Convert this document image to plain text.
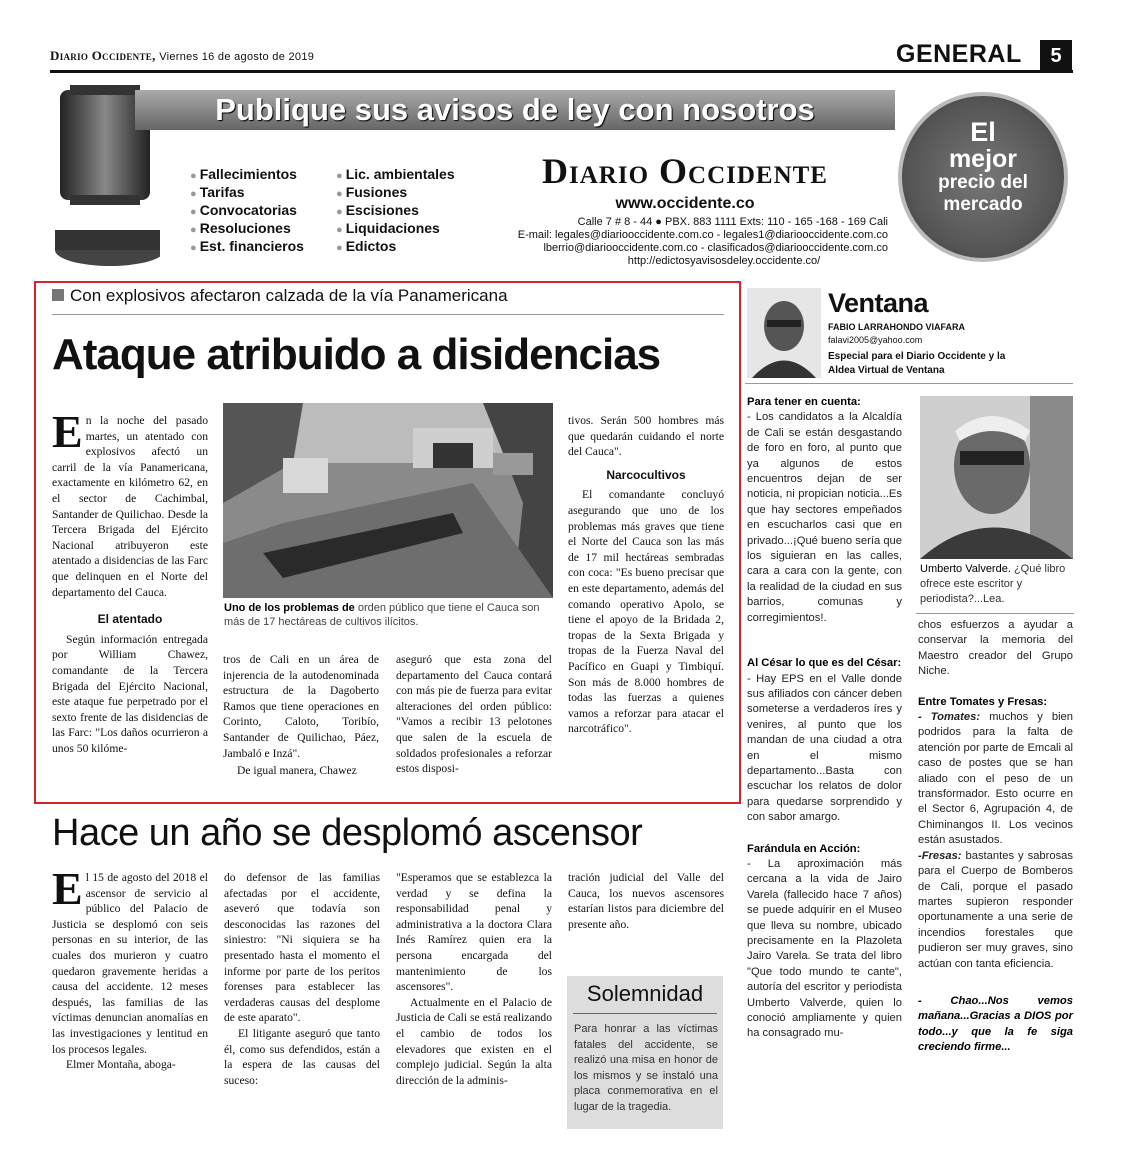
Diario Occidente, Viernes 16 de agosto de 2019	GENERAL	5
Publique sus avisos de ley con nosotros
● Fallecimientos
● Tarifas
● Convocatorias
● Resoluciones
● Est. financieros
● Lic. ambientales
● Fusiones
● Escisiones
● Liquidaciones
● Edictos
Diario Occidente
www.occidente.co
Calle 7 # 8 - 44 ● PBX. 883 1111 Exts: 110 - 165 -168 - 169 Cali
E-mail: legales@diariooccidente.com.co - legales1@diariooccidente.com.co
lberrio@diariooccidente.com.co - clasificados@diariooccidente.com.co
http://edictosyavisosdeley.occidente.co/
El
mejor
precio del
mercado
Con explosivos afectaron calzada de la vía Panamericana
Ataque atribuido a disidencias

En la noche del pasado martes, un atentado con explosivos afectó un carril de la vía Panamericana, exactamente en kilómetro 62, en el sector de Cachimbal, Santander de Quilichao. Desde la Tercera Brigada del Ejército Nacional atribuyeron este atentado a disidencias de las Farc que delinquen en el Norte del departamento del Cauca.

El atentado

Según información entregada por William Chawez, comandante de la Tercera Brigada del Ejército Nacional, este ataque fue perpetrado por el sexto frente de las disidencias de las Farc: "Los daños ocurrieron a unos 50 kilóme-

Uno de los problemas de orden público que tiene el Cauca son más de 17 hectáreas de cultivos ilícitos.

tros de Cali en un área de injerencia de la autodenominada estructura de la Dagoberto Ramos que tiene operaciones en Corinto, Caloto, Toribío, Santander de Quilichao, Páez, Jambaló e Inzá".

De igual manera, Chawez

aseguró que esta zona del departamento del Cauca contará con más pie de fuerza para evitar alteraciones del orden público: "Vamos a recibir 13 pelotones que salen de la escuela de soldados profesionales a reforzar estos disposi-

tivos. Serán 500 hombres más que quedarán cuidando el norte del Cauca".

Narcocultivos

El comandante concluyó asegurando que uno de los problemas más graves que tiene el Norte del Cauca son las más de 17 mil hectáreas sembradas con coca: "Es bueno precisar que en este departamento, además del comando operativo Apolo, se tiene el apoyo de la Bridada 2, tropas de la Sexta Brigada y tropas de la Fuerza Naval del Pacífico en Guapi y Timbiquí. Son más de 8.000 hombres de todas las fuerzas a quienes vamos a reforzar para atacar el narcotráfico".

Hace un año se desplomó ascensor

El 15 de agosto del 2018 el ascensor de servicio al público del Palacio de Justicia se desplomó con seis personas en su interior, de las cuales dos murieron y cuatro quedaron gravemente heridas a causa del accidente. 12 meses después, las familias de las víctimas denuncian anomalías en las investigaciones y lentitud en los procesos legales.

Elmer Montaña, aboga-

do defensor de las familias afectadas por el accidente, aseveró que todavía son desconocidas las razones del siniestro: "Ni siquiera se ha presentado hasta el momento el informe por parte de los peritos forenses para establecer las verdaderas causas del desplome de este aparato".

El litigante aseguró que tanto él, como sus defendidos, están a la espera de las causas del suceso:

"Esperamos que se establezca la verdad y se defina la responsabilidad penal y administrativa a la doctora Clara Inés Ramírez quien era la persona encargada del mantenimiento de los ascensores".

Actualmente en el Palacio de Justicia de Cali se está realizando el cambio de todos los elevadores que existen en el complejo judicial. Según la alta dirección de la adminis-

tración judicial del Valle del Cauca, los nuevos ascensores estarían listos para diciembre del presente año.

Solemnidad
Para honrar a las víctimas fatales del accidente, se realizó una misa en honor de los mismos y se instaló una placa conmemorativa en el lugar de la tragedia.
Ventana
FABIO LARRAHONDO VIAFARA
falavi2005@yahoo.com
Especial para el Diario Occidente y la
Aldea Virtual de Ventana
Para tener en cuenta:

- Los candidatos a la Alcaldía de Cali se están desgastando de foro en foro, al punto que ya algunos de estos encuentros dejan de ser noticia, ni propician noticia...Es que hay sectores empeñados en escucharlos casi que en privado...¡Qué bueno sería que los siguieran en las calles, cara a cara con la gente, con la realidad de la ciudad en sus barrios, comunas y corregimientos!.

Al César lo que es del César:

- Hay EPS en el Valle donde sus afiliados con cáncer deben someterse a verdaderos íres y venires, al punto que los mandan de una ciudad a otra en el mismo departamento...Basta con escuchar los relatos de dolor para quedarse sorprendido y con sabor amargo.

Farándula en Acción:

- La aproximación más cercana a la vida de Jairo Varela (fallecido hace 7 años) se puede adquirir en el Museo que lleva su nombre, ubicado precisamente en la Plazoleta Jairo Varela. Se trata del libro "Que todo mundo te cante", autoría del escritor y periodista Umberto Valverde, quien lo conoció ampliamente y quien ha consagrado mu-

Umberto Valverde. ¿Qué libro ofrece este escritor y periodista?...Lea.

chos esfuerzos a ayudar a conservar la memoria del Maestro creador del Grupo Niche.

Entre Tomates y Fresas:

- Tomates: muchos y bien podridos para la falta de atención por parte de Emcali al caso de postes que se han aliado con el peso de un transformador. Esto ocurre en el Sector 6, Agrupación 4, de Chiminangos II. Los vecinos están asustados.

-Fresas: bastantes y sabrosas para el Cuerpo de Bomberos de Cali, porque el pasado martes supieron responder oportunamente a una serie de incendios forestales que pudieron ser muy graves, sino actúan con tanta eficiencia.

- Chao...Nos vemos mañana...Gracias a DIOS por todo...y que la fe siga creciendo firme...
